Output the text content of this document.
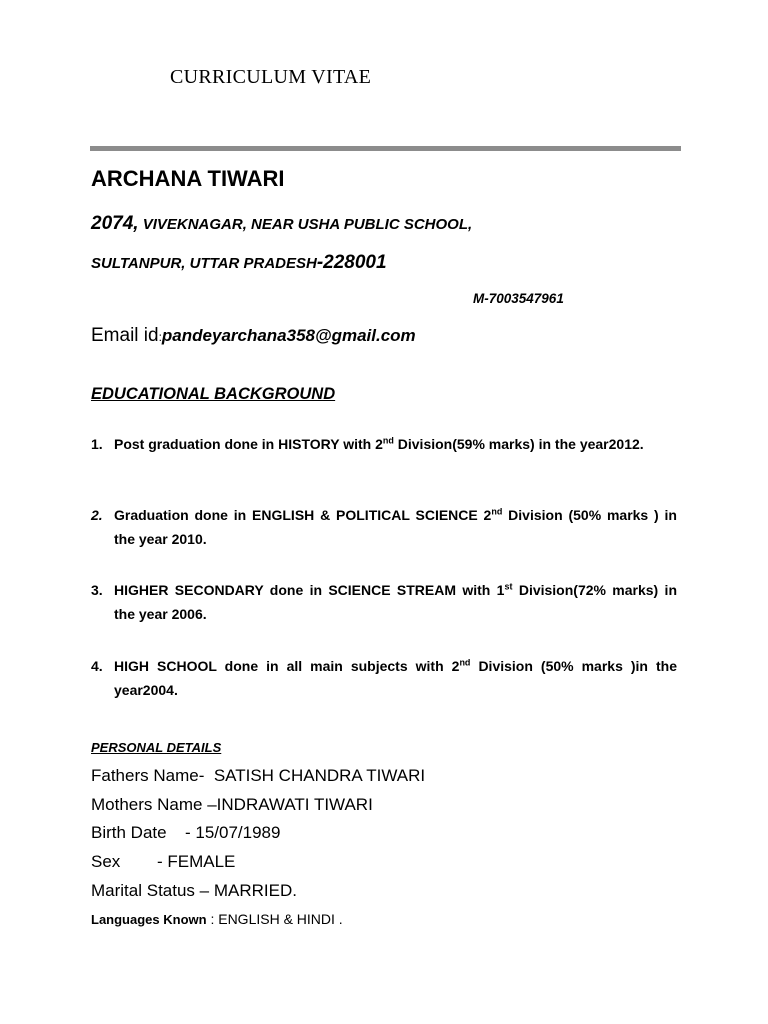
CURRICULUM VITAE
ARCHANA TIWARI
2074, VIVEKNAGAR, NEAR USHA PUBLIC SCHOOL,
SULTANPUR, UTTAR PRADESH-228001
M-7003547961
Email id:pandeyarchana358@gmail.com
EDUCATIONAL BACKGROUND
1. Post graduation done in HISTORY with 2nd Division(59% marks) in the year2012.
2. Graduation done in ENGLISH & POLITICAL SCIENCE 2nd Division (50% marks ) in the year 2010.
3. HIGHER SECONDARY done in SCIENCE STREAM with 1st Division(72% marks) in the year 2006.
4. HIGH SCHOOL done in all main subjects with 2nd Division (50% marks )in the year2004.
PERSONAL DETAILS
Fathers Name-  SATISH CHANDRA TIWARI
Mothers Name –INDRAWATI TIWARI
Birth Date - 15/07/1989
Sex - FEMALE
Marital Status – MARRIED.
Languages Known : ENGLISH & HINDI .
